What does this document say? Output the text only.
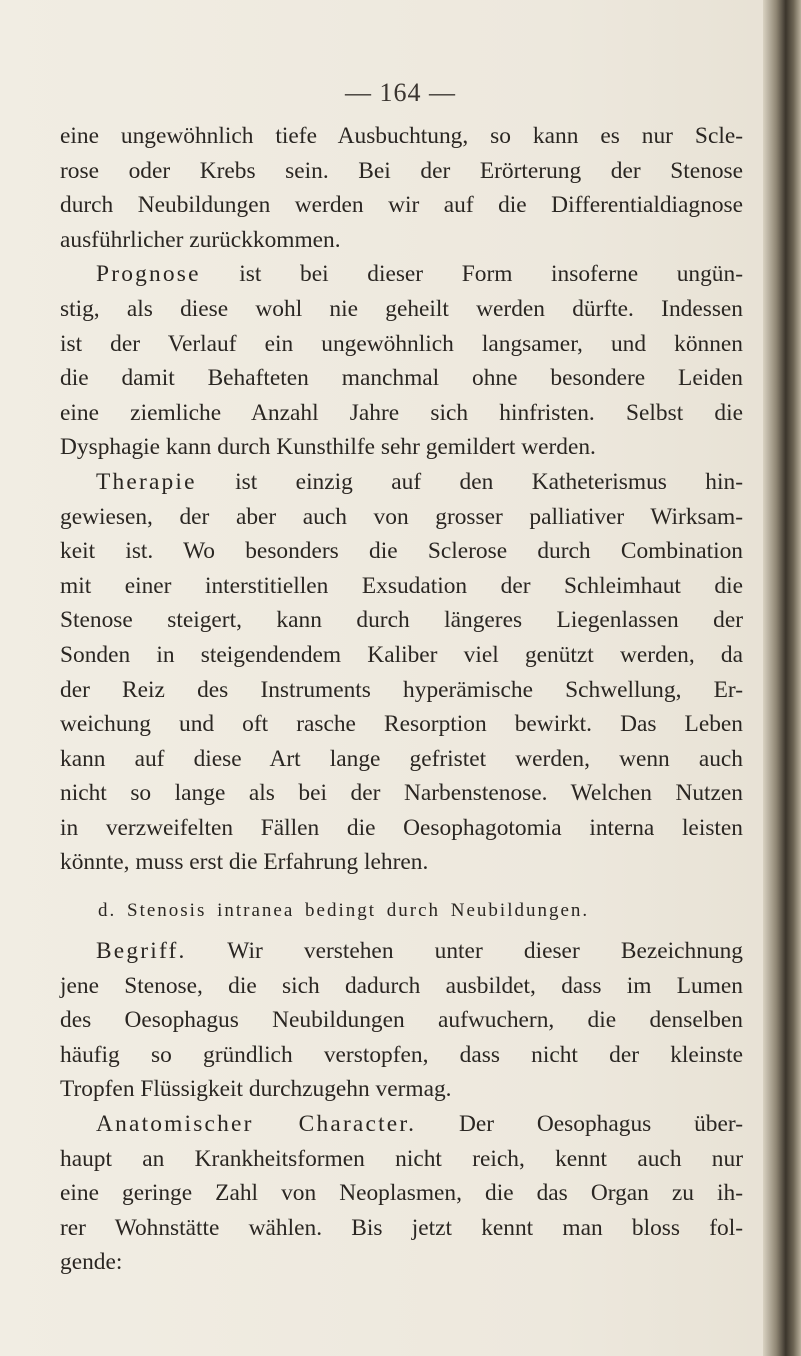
— 164 —
eine ungewöhnlich tiefe Ausbuchtung, so kann es nur Scle-
rose oder Krebs sein. Bei der Erörterung der Stenose
durch Neubildungen werden wir auf die Differentialdiagnose
ausführlicher zurückkommen.
Prognose ist bei dieser Form insoferne ungün-
stig, als diese wohl nie geheilt werden dürfte. Indessen
ist der Verlauf ein ungewöhnlich langsamer, und können
die damit Behafteten manchmal ohne besondere Leiden
eine ziemliche Anzahl Jahre sich hinfristen. Selbst die
Dysphagie kann durch Kunsthilfe sehr gemildert werden.
Therapie ist einzig auf den Katheterismus hin-
gewiesen, der aber auch von grosser palliativer Wirksam-
keit ist. Wo besonders die Sclerose durch Combination
mit einer interstitiellen Exsudation der Schleimhaut die
Stenose steigert, kann durch längeres Liegenlassen der
Sonden in steigendendem Kaliber viel genützt werden, da
der Reiz des Instruments hyperämische Schwellung, Er-
weichung und oft rasche Resorption bewirkt. Das Leben
kann auf diese Art lange gefristet werden, wenn auch
nicht so lange als bei der Narbenstenose. Welchen Nutzen
in verzweifelten Fällen die Oesophagotomia interna leisten
könnte, muss erst die Erfahrung lehren.
d. Stenosis intranea bedingt durch Neubildungen.
Begriff. Wir verstehen unter dieser Bezeichnung
jene Stenose, die sich dadurch ausbildet, dass im Lumen
des Oesophagus Neubildungen aufwuchern, die denselben
häufig so gründlich verstopfen, dass nicht der kleinste
Tropfen Flüssigkeit durchzugehn vermag.
Anatomischer Character. Der Oesophagus über-
haupt an Krankheitsformen nicht reich, kennt auch nur
eine geringe Zahl von Neoplasmen, die das Organ zu ih-
rer Wohnstätte wählen. Bis jetzt kennt man bloss fol-
gende:
